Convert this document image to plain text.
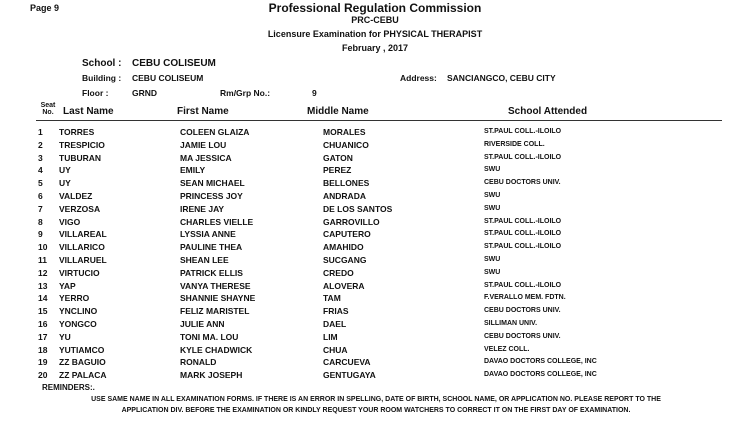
Page 9	Professional Regulation Commission
PRC-CEBU
Licensure Examination for PHYSICAL THERAPIST
February , 2017
School : CEBU COLISEUM
Building : CEBU COLISEUM
Floor :	GRND	Rm/Grp No.:	9
Address: SANCIANGCO, CEBU CITY
Seat No. Last Name	First Name	Middle Name	School Attended
1 TORRES	COLEEN GLAIZA	MORALES	ST.PAUL COLL.-ILOILO
2 TRESPICIO	JAMIE LOU	CHUANICO	RIVERSIDE COLL.
3 TUBURAN	MA JESSICA	GATON	ST.PAUL COLL.-ILOILO
4 UY	EMILY	PEREZ	SWU
5 UY	SEAN MICHAEL	BELLONES	CEBU DOCTORS UNIV.
6 VALDEZ	PRINCESS JOY	ANDRADA	SWU
7 VERZOSA	IRENE JAY	DE LOS SANTOS	SWU
8 VIGO	CHARLES VIELLE	GARROVILLO	ST.PAUL COLL.-ILOILO
9 VILLAREAL	LYSSIA ANNE	CAPUTERO	ST.PAUL COLL.-ILOILO
10 VILLARICO	PAULINE THEA	AMAHIDO	ST.PAUL COLL.-ILOILO
11 VILLARUEL	SHEAN LEE	SUCGANG	SWU
12 VIRTUCIO	PATRICK ELLIS	CREDO	SWU
13 YAP	VANYA THERESE	ALOVERA	ST.PAUL COLL.-ILOILO
14 YERRO	SHANNIE SHAYNE	TAM	F.VERALLO MEM. FDTN.
15 YNCLINO	FELIZ MARISTEL	FRIAS	CEBU DOCTORS UNIV.
16 YONGCO	JULIE ANN	DAEL	SILLIMAN UNIV.
17 YU	TONI MA. LOU	LIM	CEBU DOCTORS UNIV.
18 YUTIAMCO	KYLE CHADWICK	CHUA	VELEZ COLL.
19 ZZ BAGUIO	RONALD	CARCUEVA	DAVAO DOCTORS COLLEGE, INC
20 ZZ PALACA	MARK JOSEPH	GENTUGAYA	DAVAO DOCTORS COLLEGE, INC
REMINDERS:.
USE SAME NAME IN ALL EXAMINATION FORMS. IF THERE IS AN ERROR IN SPELLING, DATE OF BIRTH, SCHOOL NAME, OR APPLICATION NO. PLEASE REPORT TO THE
APPLICATION DIV. BEFORE THE EXAMINATION OR KINDLY REQUEST YOUR ROOM WATCHERS TO CORRECT IT ON THE FIRST DAY OF EXAMINATION.
